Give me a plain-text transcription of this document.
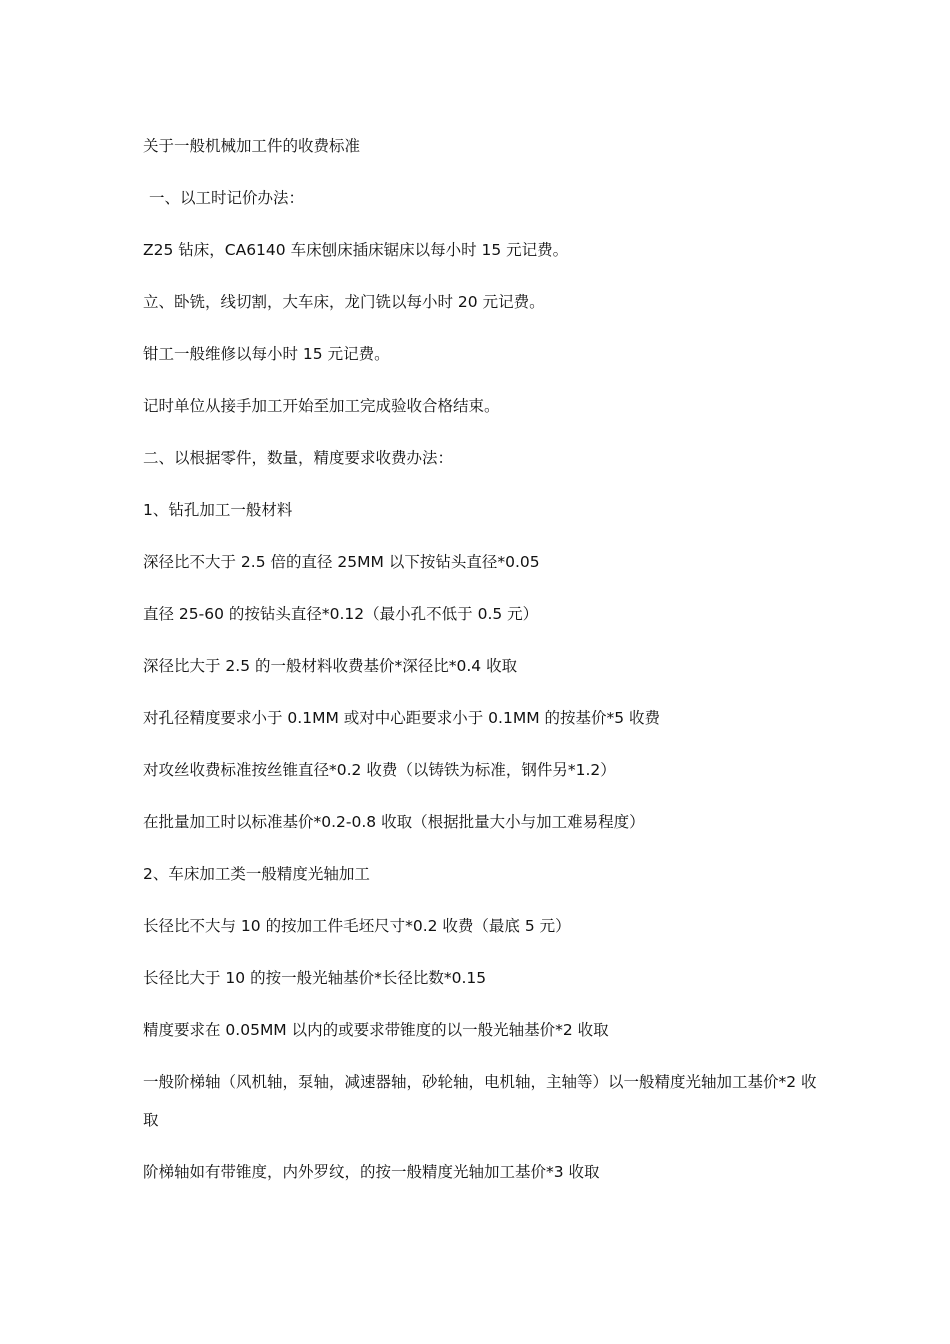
关于一般机械加工件的收费标准

一、以工时记价办法：

Z25 钻床，CA6140 车床刨床插床锯床以每小时 15 元记费。

立、卧铣，线切割，大车床，龙门铣以每小时 20 元记费。

钳工一般维修以每小时 15 元记费。

记时单位从接手加工开始至加工完成验收合格结束。

二、以根据零件，数量，精度要求收费办法：

1、钻孔加工一般材料

深径比不大于 2.5 倍的直径 25MM 以下按钻头直径*0.05

直径 25-60 的按钻头直径*0.12（最小孔不低于 0.5 元）

深径比大于 2.5 的一般材料收费基价*深径比*0.4 收取

对孔径精度要求小于 0.1MM 或对中心距要求小于 0.1MM 的按基价*5 收费

对攻丝收费标准按丝锥直径*0.2 收费（以铸铁为标准，钢件另*1.2）

在批量加工时以标准基价*0.2-0.8 收取（根据批量大小与加工难易程度）

2、车床加工类一般精度光轴加工

长径比不大与 10 的按加工件毛坯尺寸*0.2 收费（最底 5 元）

长径比大于 10 的按一般光轴基价*长径比数*0.15

精度要求在 0.05MM 以内的或要求带锥度的以一般光轴基价*2 收取

一般阶梯轴（风机轴，泵轴，减速器轴，砂轮轴，电机轴，主轴等）以一般精度光轴加工基价*2 收取

阶梯轴如有带锥度，内外罗纹，的按一般精度光轴加工基价*3 收取
